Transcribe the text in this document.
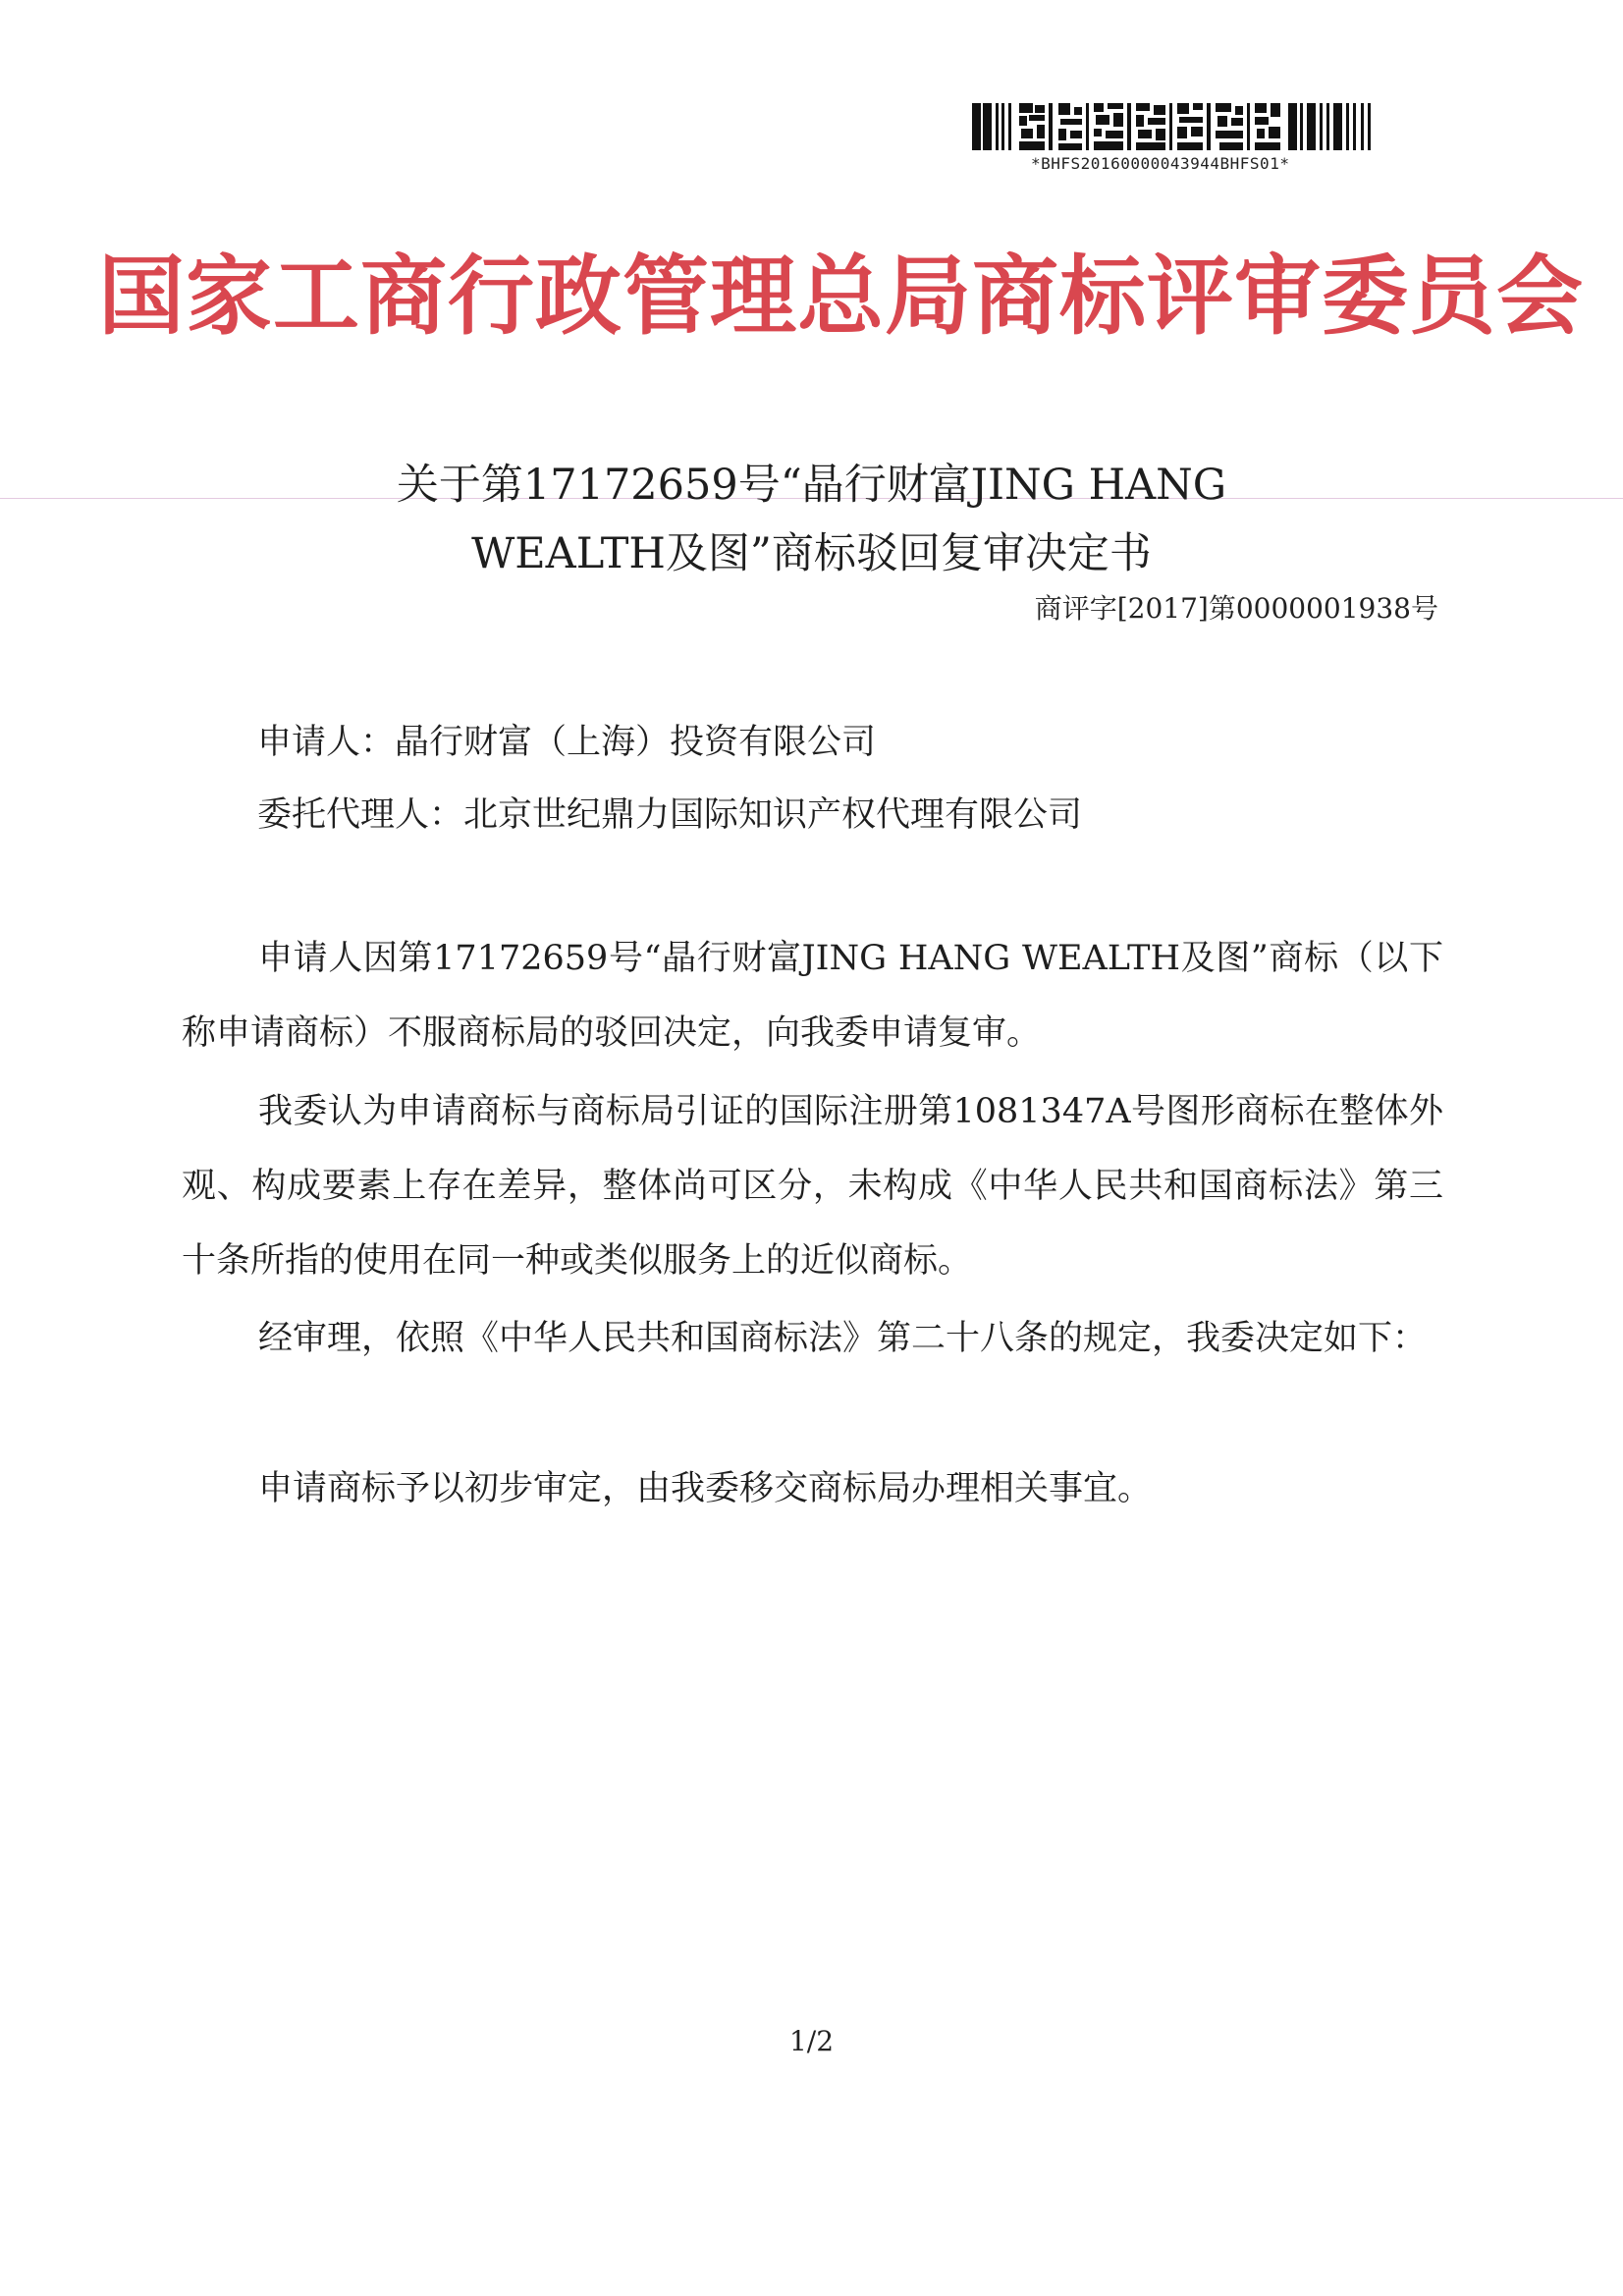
*BHFS20160000043944BHFS01*
国家工商行政管理总局商标评审委员会
关于第17172659号“晶行财富JING HANG
WEALTH及图”商标驳回复审决定书
商评字[2017]第0000001938号
申请人：晶行财富（上海）投资有限公司
委托代理人：北京世纪鼎力国际知识产权代理有限公司

申请人因第17172659号“晶行财富JING HANG WEALTH及图”商标（以下称申请商标）不服商标局的驳回决定，向我委申请复审。

我委认为申请商标与商标局引证的国际注册第1081347A号图形商标在整体外观、构成要素上存在差异，整体尚可区分，未构成《中华人民共和国商标法》第三十条所指的使用在同一种或类似服务上的近似商标。

经审理，依照《中华人民共和国商标法》第二十八条的规定，我委决定如下：

申请商标予以初步审定，由我委移交商标局办理相关事宜。

1/2
